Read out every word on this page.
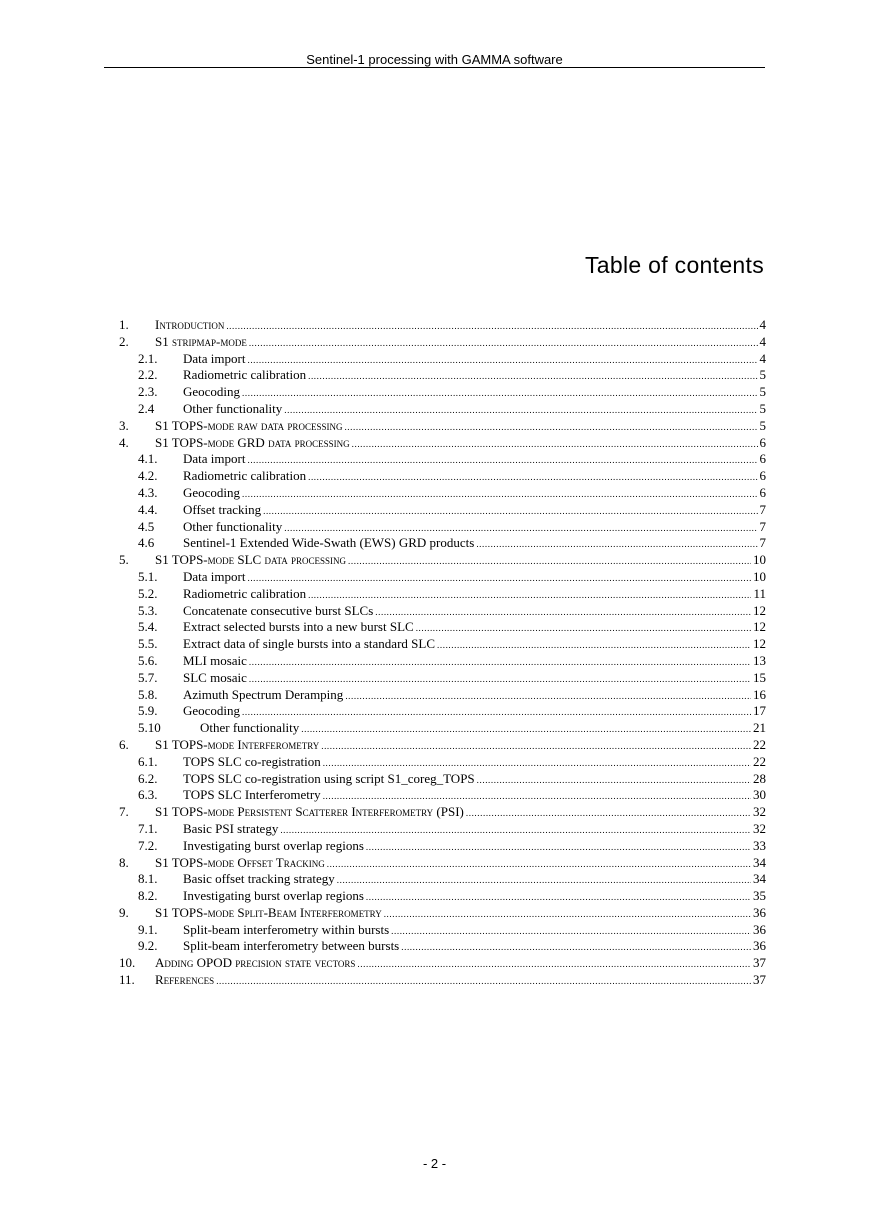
Sentinel-1 processing with GAMMA software
Table of contents
1.	Introduction .....	4
2.	S1 stripmap-mode .....	4
2.1.	Data import .....	4
2.2.	Radiometric calibration .....	5
2.3.	Geocoding .....	5
2.4	Other functionality .....	5
3.	S1 TOPS-mode raw data processing .....	5
4.	S1 TOPS-mode GRD data processing .....	6
4.1.	Data import .....	6
4.2.	Radiometric calibration .....	6
4.3.	Geocoding .....	6
4.4.	Offset tracking .....	7
4.5	Other functionality .....	7
4.6	Sentinel-1 Extended Wide-Swath (EWS) GRD products .....	7
5.	S1 TOPS-mode SLC data processing .....	10
5.1.	Data import .....	10
5.2.	Radiometric calibration .....	11
5.3.	Concatenate consecutive burst SLCs .....	12
5.4.	Extract selected bursts into a new burst SLC .....	12
5.5.	Extract data of single bursts into a standard SLC .....	12
5.6.	MLI mosaic .....	13
5.7.	SLC mosaic .....	15
5.8.	Azimuth Spectrum Deramping .....	16
5.9.	Geocoding .....	17
5.10	Other functionality .....	21
6.	S1 TOPS-mode Interferometry .....	22
6.1.	TOPS SLC co-registration .....	22
6.2.	TOPS SLC co-registration using script S1_coreg_TOPS .....	28
6.3.	TOPS SLC Interferometry .....	30
7.	S1 TOPS-mode Persistent Scatterer Interferometry (PSI) .....	32
7.1.	Basic PSI strategy .....	32
7.2.	Investigating burst overlap regions .....	33
8.	S1 TOPS-mode Offset Tracking .....	34
8.1.	Basic offset tracking strategy .....	34
8.2.	Investigating burst overlap regions .....	35
9.	S1 TOPS-mode Split-Beam Interferometry .....	36
9.1.	Split-beam interferometry within bursts .....	36
9.2.	Split-beam interferometry between bursts .....	36
10.	Adding OPOD precision state vectors .....	37
11.	References .....	37
- 2 -
